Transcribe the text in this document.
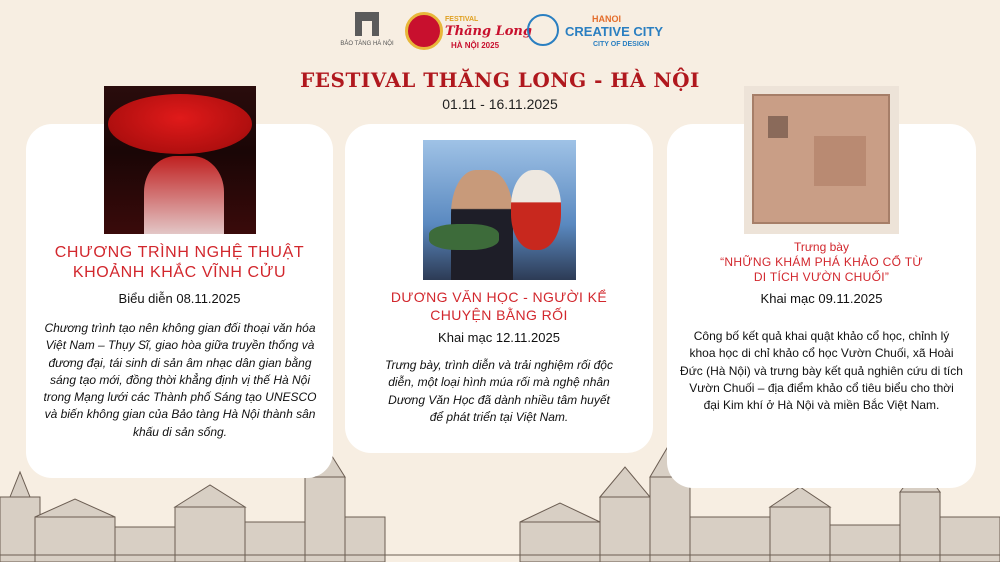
BẢO TÀNG HÀ NỘI
FESTIVAL
Thăng Long
HÀ NỘI 2025
HANOI
CREATIVE CITY
CITY OF DESIGN
FESTIVAL THĂNG LONG - HÀ NỘI
01.11 - 16.11.2025
CHƯƠNG TRÌNH NGHỆ THUẬT
KHOẢNH KHẮC VĨNH CỬU
Biểu diễn 08.11.2025
Chương trình tạo nên không gian đối thoại văn hóa Việt Nam – Thụy Sĩ, giao hòa giữa truyền thống và đương đại, tái sinh di sản âm nhạc dân gian bằng sáng tạo mới, đồng thời khẳng định vị thế Hà Nội trong Mạng lưới các Thành phố Sáng tạo UNESCO và biến không gian của Bảo tàng Hà Nội thành sân khấu di sản sống.
DƯƠNG VĂN HỌC - NGƯỜI KỂ
CHUYỆN BẰNG RỐI
Khai mạc 12.11.2025
Trưng bày, trình diễn và trải nghiệm rối độc diễn, một loại hình múa rối mà nghệ nhân Dương Văn Học đã dành nhiều tâm huyết để phát triển tại Việt Nam.
Trưng bày
“NHỮNG KHÁM PHÁ KHẢO CỔ TỪ
DI TÍCH VƯỜN CHUỐI”
Khai mạc 09.11.2025
Công bố kết quả khai quật khảo cổ học, chỉnh lý khoa học di chỉ khảo cổ học Vườn Chuối, xã Hoài Đức (Hà Nội) và trưng bày kết quả nghiên cứu di tích Vườn Chuối – địa điểm khảo cổ tiêu biểu cho thời đại Kim khí ở Hà Nội và miền Bắc Việt Nam.
